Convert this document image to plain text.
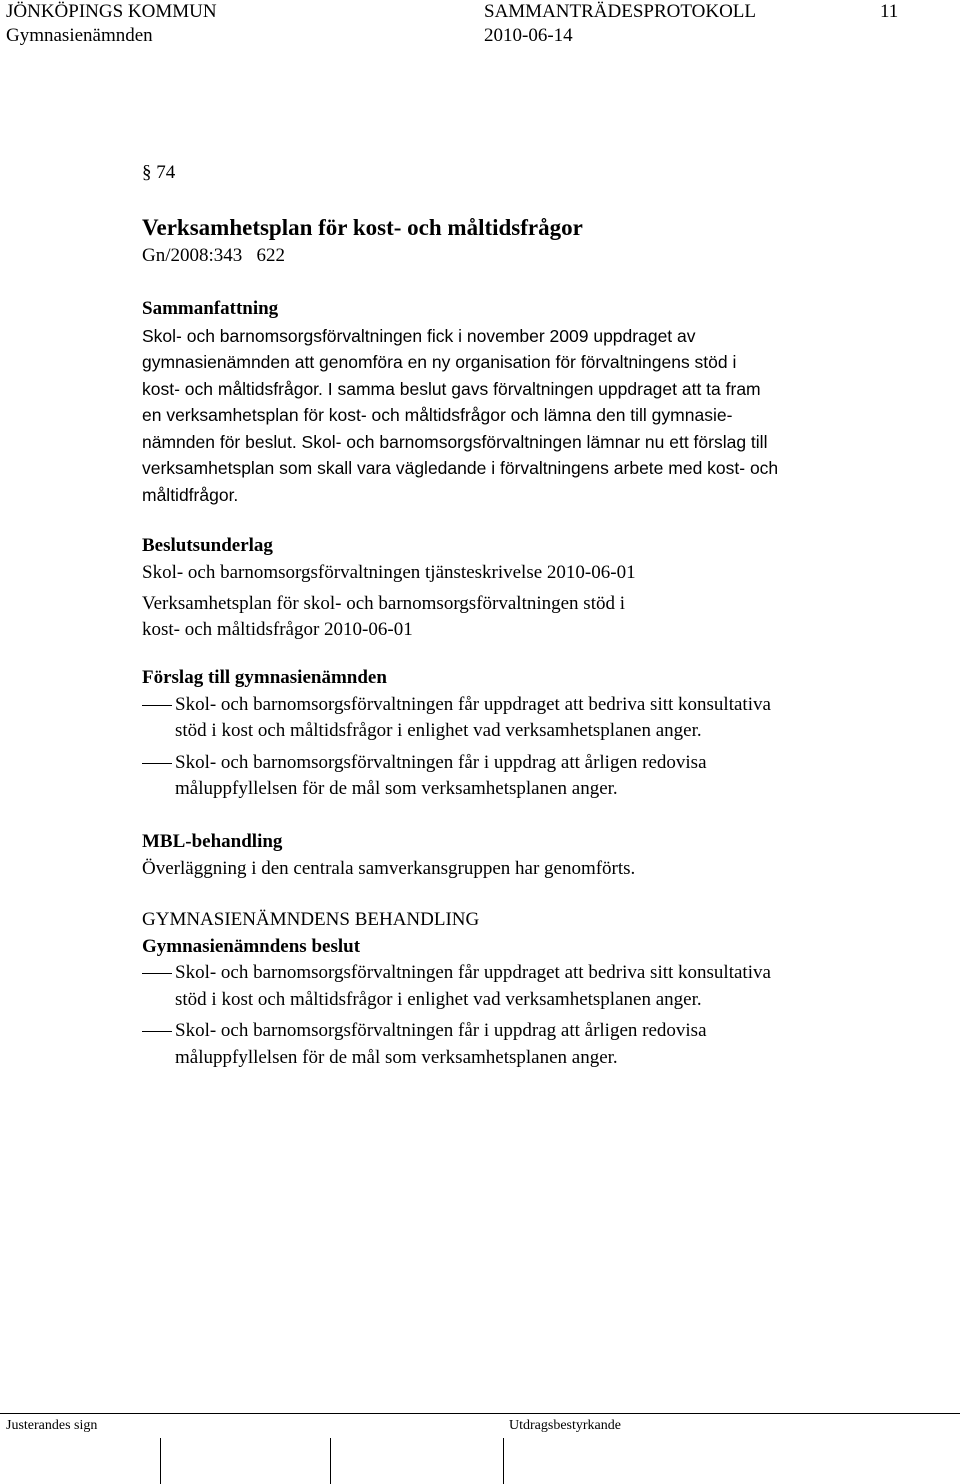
JÖNKÖPINGS KOMMUN
Gymnasienämnden
SAMMANTRÄDESPROTOKOLL
2010-06-14
11
§ 74
Verksamhetsplan för kost- och måltidsfrågor
Gn/2008:343   622
Sammanfattning
Skol- och barnomsorgsförvaltningen fick i november 2009 uppdraget av
gymnasienämnden att genomföra en ny organisation för förvaltningens stöd i
kost- och måltidsfrågor. I samma beslut gavs förvaltningen uppdraget att ta fram
en verksamhetsplan för kost- och måltidsfrågor och lämna den till gymnasie-
nämnden för beslut. Skol- och barnomsorgsförvaltningen lämnar nu ett förslag till
verksamhetsplan som skall vara vägledande i förvaltningens arbete med kost- och
måltidfrågor.
Beslutsunderlag
Skol- och barnomsorgsförvaltningen tjänsteskrivelse 2010-06-01
Verksamhetsplan för skol- och barnomsorgsförvaltningen stöd i
kost- och måltidsfrågor 2010-06-01
Förslag till gymnasienämnden
Skol- och barnomsorgsförvaltningen får uppdraget att bedriva sitt konsultativa
stöd i kost och måltidsfrågor i enlighet vad verksamhetsplanen anger.
Skol- och barnomsorgsförvaltningen får i uppdrag att årligen redovisa
måluppfyllelsen för de mål som verksamhetsplanen anger.
MBL-behandling
Överläggning i den centrala samverkansgruppen har genomförts.
GYMNASIENÄMNDENS BEHANDLING
Gymnasienämndens beslut
Skol- och barnomsorgsförvaltningen får uppdraget att bedriva sitt konsultativa
stöd i kost och måltidsfrågor i enlighet vad verksamhetsplanen anger.
Skol- och barnomsorgsförvaltningen får i uppdrag att årligen redovisa
måluppfyllelsen för de mål som verksamhetsplanen anger.
Justerandes sign	Utdragsbestyrkande
